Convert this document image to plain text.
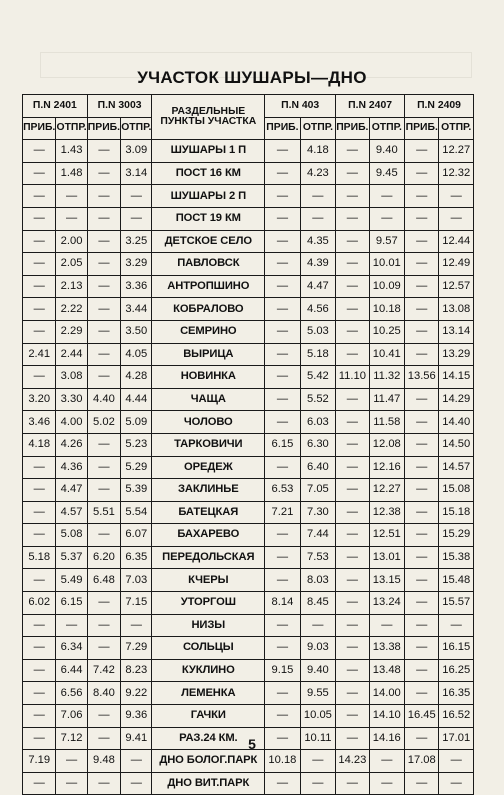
УЧАСТОК ШУШАРЫ—ДНО
П.N 2401		П.N 3003		РАЗДЕЛЬНЫЕ
ПУНКТЫ УЧАСТКА	П.N 403		П.N 2407		П.N 2409	
ПРИБ.	ОТПР.	ПРИБ.	ОТПР.		ПРИБ.	ОТПР.	ПРИБ.	ОТПР.	ПРИБ.	ОТПР.
—	1.43	—	3.09	ШУШАРЫ 1 П	—	4.18	—	9.40	—	12.27
—	1.48	—	3.14	ПОСТ 16 КМ	—	4.23	—	9.45	—	12.32
—	—	—	—	ШУШАРЫ 2 П	—	—	—	—	—	—
—	—	—	—	ПОСТ 19 КМ	—	—	—	—	—	—
—	2.00	—	3.25	ДЕТСКОЕ СЕЛО	—	4.35	—	9.57	—	12.44
—	2.05	—	3.29	ПАВЛОВСК	—	4.39	—	10.01	—	12.49
—	2.13	—	3.36	АНТРОПШИНО	—	4.47	—	10.09	—	12.57
—	2.22	—	3.44	КОБРАЛОВО	—	4.56	—	10.18	—	13.08
—	2.29	—	3.50	СЕМРИНО	—	5.03	—	10.25	—	13.14
2.41	2.44	—	4.05	ВЫРИЦА	—	5.18	—	10.41	—	13.29
—	3.08	—	4.28	НОВИНКА	—	5.42	11.10	11.32	13.56	14.15
3.20	3.30	4.40	4.44	ЧАЩА	—	5.52	—	11.47	—	14.29
3.46	4.00	5.02	5.09	ЧОЛОВО	—	6.03	—	11.58	—	14.40
4.18	4.26	—	5.23	ТАРКОВИЧИ	6.15	6.30	—	12.08	—	14.50
—	4.36	—	5.29	ОРЕДЕЖ	—	6.40	—	12.16	—	14.57
—	4.47	—	5.39	ЗАКЛИНЬЕ	6.53	7.05	—	12.27	—	15.08
—	4.57	5.51	5.54	БАТЕЦКАЯ	7.21	7.30	—	12.38	—	15.18
—	5.08	—	6.07	БАХАРЕВО	—	7.44	—	12.51	—	15.29
5.18	5.37	6.20	6.35	ПЕРЕДОЛЬСКАЯ	—	7.53	—	13.01	—	15.38
—	5.49	6.48	7.03	КЧЕРЫ	—	8.03	—	13.15	—	15.48
6.02	6.15	—	7.15	УТОРГОШ	8.14	8.45	—	13.24	—	15.57
—	—	—	—	НИЗЫ	—	—	—	—	—	—
—	6.34	—	7.29	СОЛЬЦЫ	—	9.03	—	13.38	—	16.15
—	6.44	7.42	8.23	КУКЛИНО	9.15	9.40	—	13.48	—	16.25
—	6.56	8.40	9.22	ЛЕМЕНКА	—	9.55	—	14.00	—	16.35
—	7.06	—	9.36	ГАЧКИ	—	10.05	—	14.10	16.45	16.52
—	7.12	—	9.41	РАЗ.24 КМ.	—	10.11	—	14.16	—	17.01
7.19	—	9.48	—	ДНО БОЛОГ.ПАРК	10.18	—	14.23	—	17.08	—
—	—	—	—	ДНО ВИТ.ПАРК	—	—	—	—	—	—
5
